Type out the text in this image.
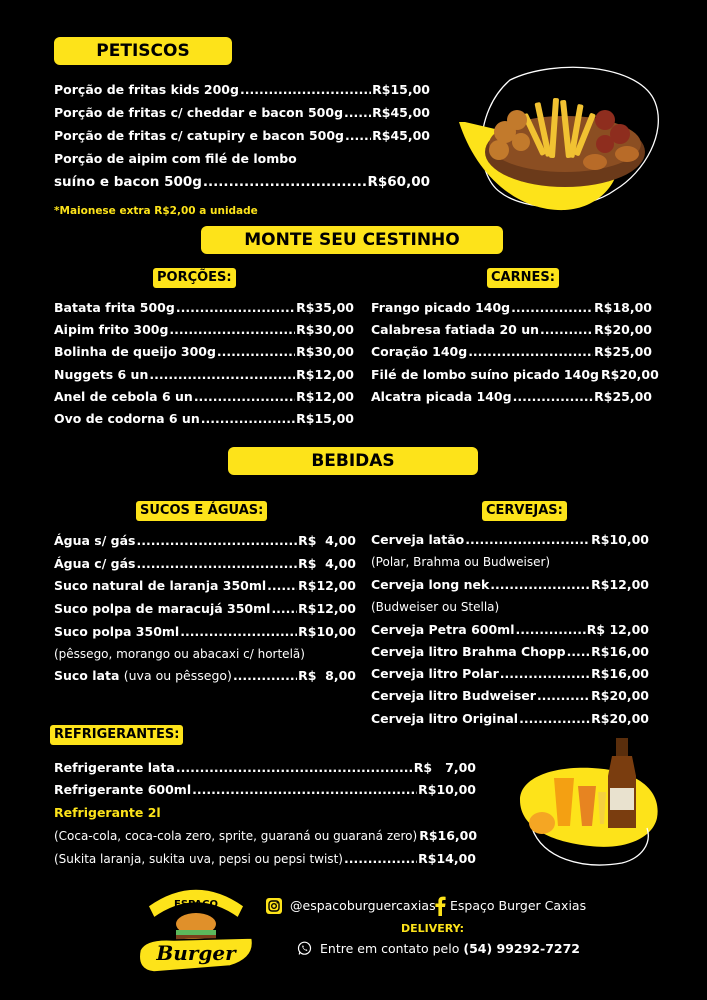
PETISCOS
Porção de fritas kids 200g .....	R$15,00
Porção de fritas c/ cheddar e bacon 500g ..... R$45,00
Porção de fritas c/ catupiry e bacon 500g ..... R$45,00
Porção de aipim com filé de lombo
suíno e bacon 500g .....	R$60,00
*Maionese extra R$2,00 a unidade
MONTE SEU CESTINHO
PORÇÕES:	CARNES:
Batata frita 500g .....	R$35,00
Aipim frito 300g .....	R$30,00
Bolinha de queijo 300g .....	R$30,00
Nuggets 6 un .....	R$12,00
Anel de cebola 6 un .....	R$12,00
Ovo de codorna 6 un .....	R$15,00
Frango picado 140g .....	R$18,00
Calabresa fatiada 20 un .....	R$20,00
Coração 140g .....	R$25,00
Filé de lombo suíno picado 140g R$20,00
Alcatra picada 140g .....	R$25,00
BEBIDAS
SUCOS E ÁGUAS:	CERVEJAS:
Água s/ gás .....	R$  4,00
Água c/ gás .....	R$  4,00
Suco natural de laranja 350ml .....	R$12,00
Suco polpa de maracujá 350ml ..... R$12,00
Suco polpa 350ml .....	R$10,00
(pêssego, morango ou abacaxi c/ hortelã)
Suco lata
(uva ou pêssego) .....	R$  8,00
Cerveja latão .....	R$10,00
(Polar, Brahma ou Budweiser)
Cerveja long nek .....	R$12,00
(Budweiser ou Stella)
Cerveja Petra 600ml .....	R$ 12,00
Cerveja litro Brahma Chopp ..... R$16,00
Cerveja litro Polar .....	R$16,00
Cerveja litro Budweiser .....	R$20,00
Cerveja litro Original .....	R$20,00
REFRIGERANTES:
Refrigerante lata .....	R$   7,00
Refrigerante 600ml .....	R$10,00
Refrigerante 2l
(Coca-cola, coca-cola zero, sprite, guaraná ou guaraná zero) R$16,00
(Sukita laranja, sukita uva, pepsi ou pepsi twist) .....	R$14,00
Burger
ESPAÇO	@espacoburguercaxias Espaço Burger Caxias
DELIVERY:
Entre em contato pelo (54) 99292-7272
